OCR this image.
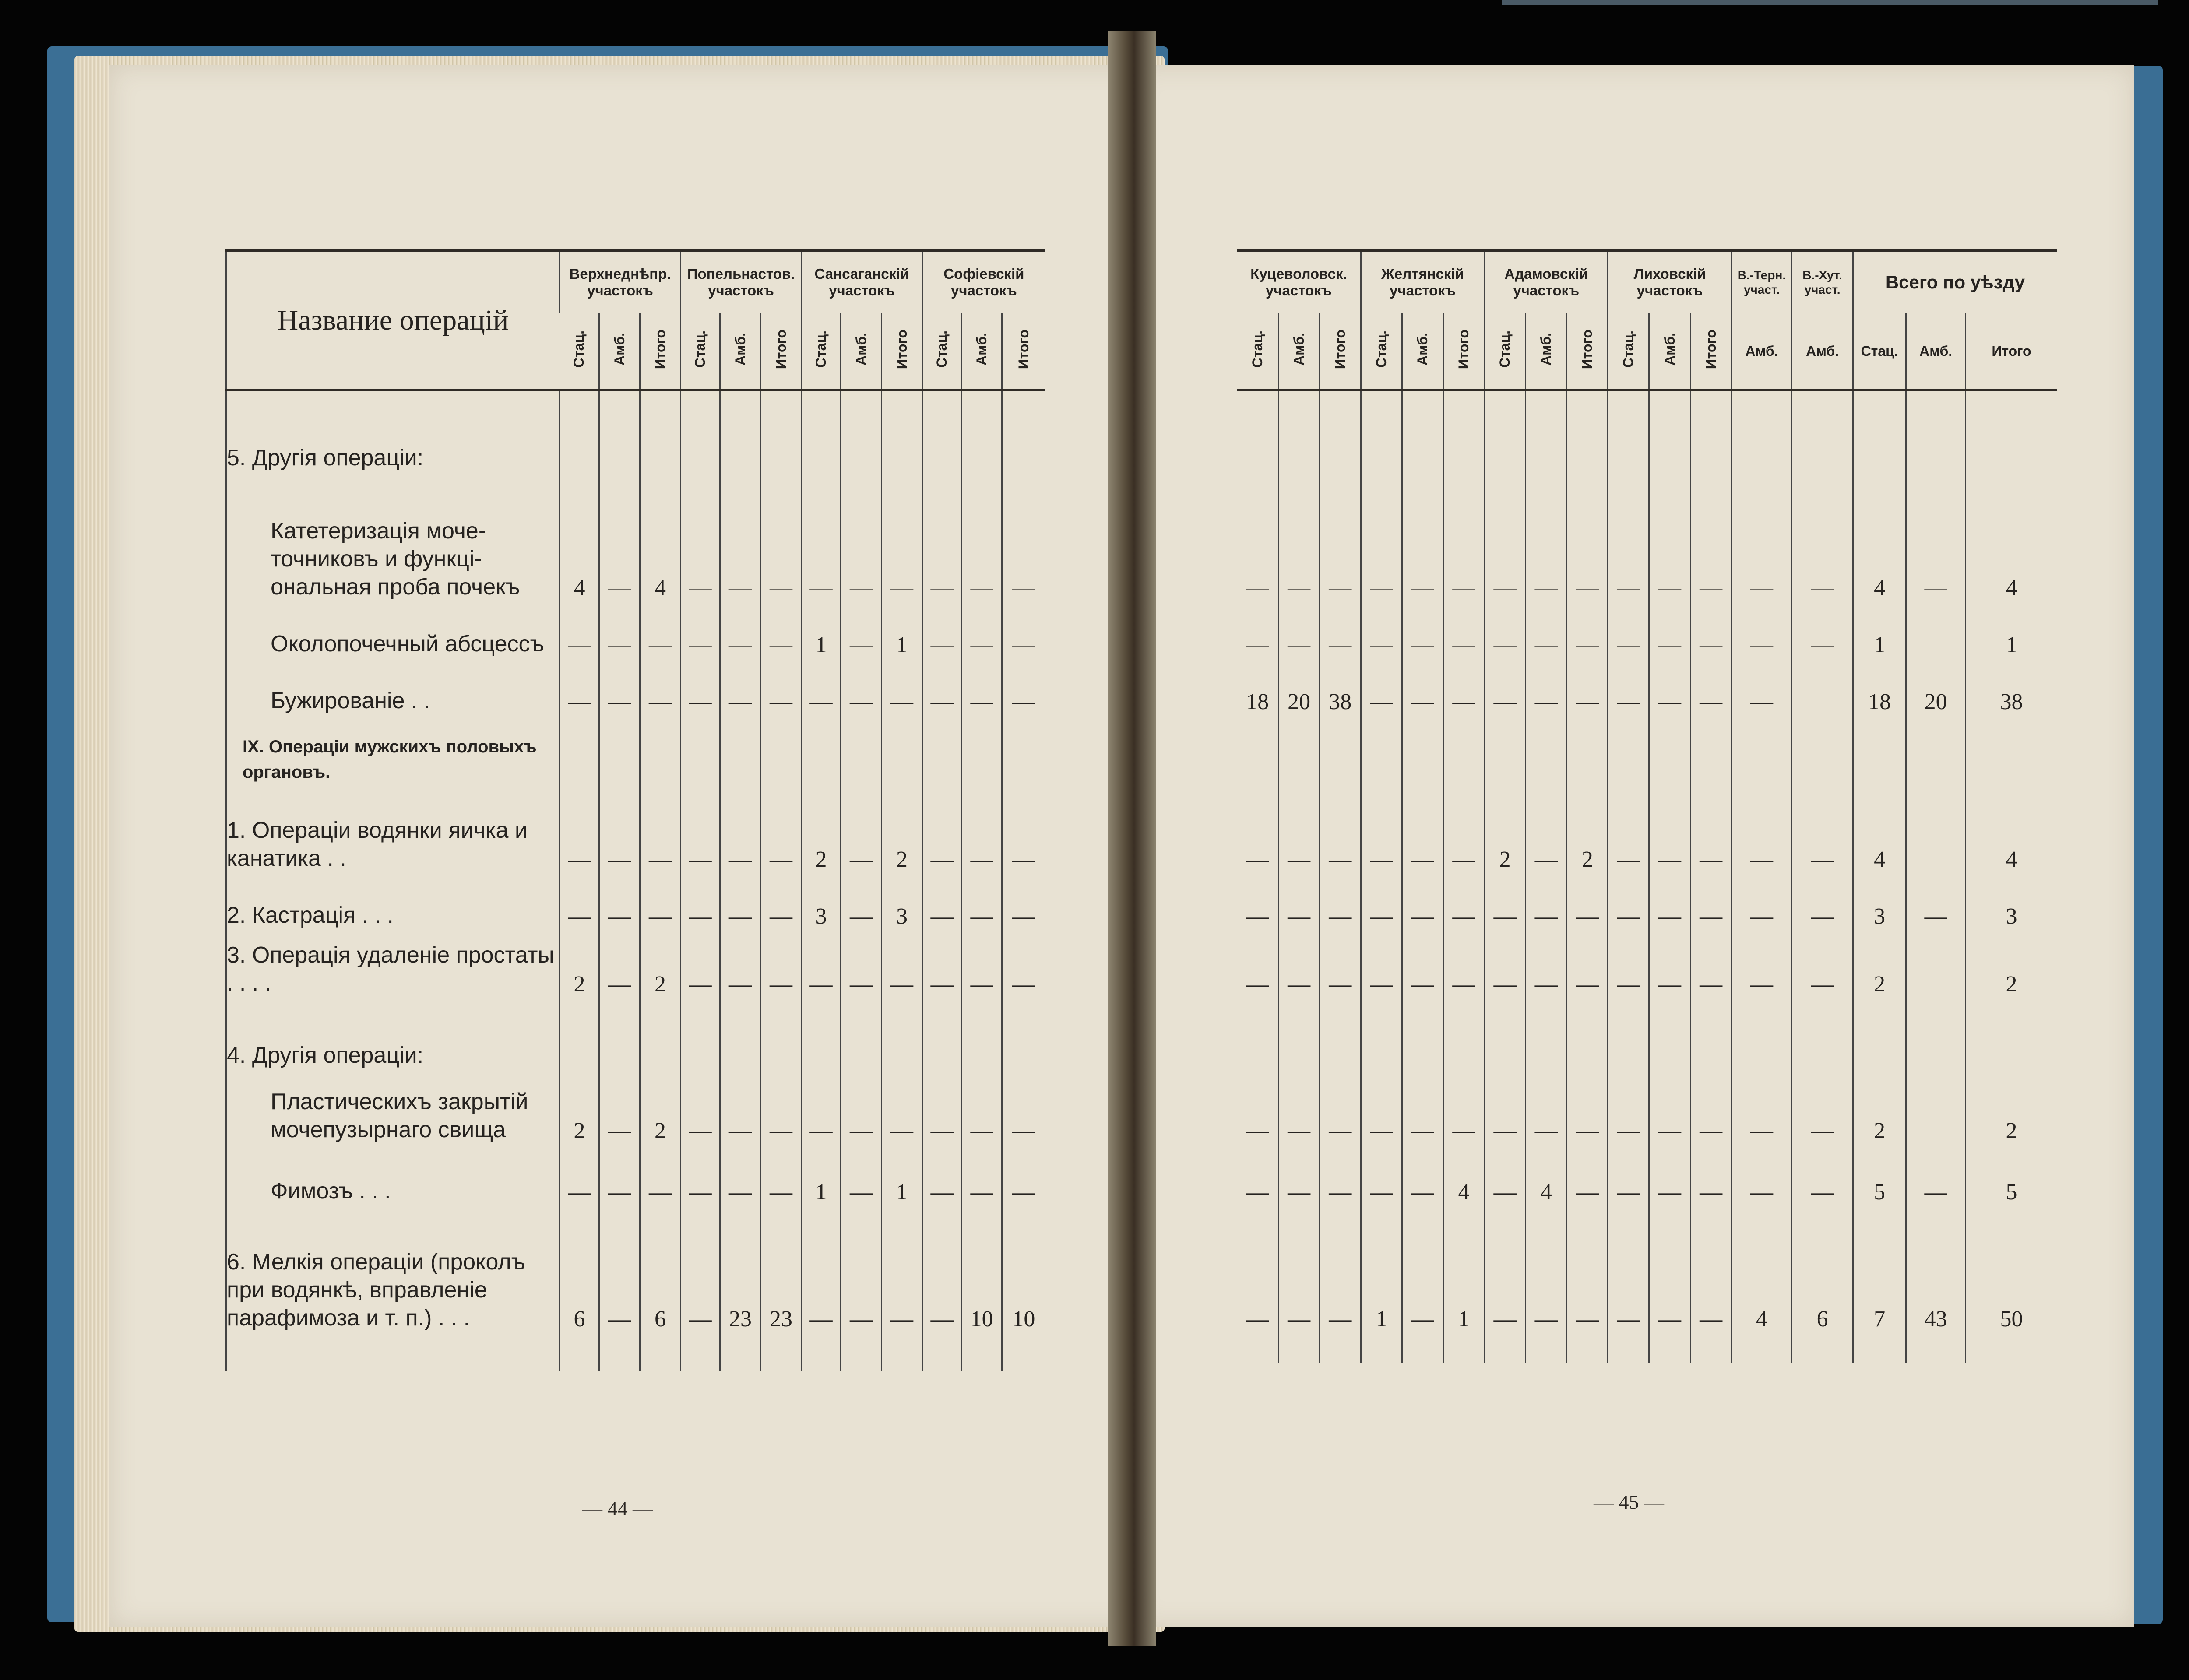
Название операцій	Верхнеднѣпр. участокъ			Попельнастов. участокъ			Сансаганскій участокъ			Софіевскій участокъ		
	Стац.	Амб.	Итого	Стац.	Амб.	Итого	Стац.	Амб.	Итого	Стац.	Амб.	Итого
5. Другія операціи:												
Катетеризація моче-точниковъ и функці-ональная проба почекъ	4	—	4	—	—	—	—	—	—	—	—	—
Околопочечный абсцессъ	—	—	—	—	—	—	1	—	1	—	—	—
Бужированіе . .	—	—	—	—	—	—	—	—	—	—	—	—
IX. Операціи мужскихъ половыхъ органовъ.												
1. Операціи водянки яичка и канатика . .	—	—	—	—	—	—	2	—	2	—	—	—
2. Кастрація . . .	—	—	—	—	—	—	3	—	3	—	—	—
3. Операція удаленіе простаты . . . .	2	—	2	—	—	—	—	—	—	—	—	—
4. Другія операціи:												
Пластическихъ закрытій мочепузырнаго свища	2	—	2	—	—	—	—	—	—	—	—	—
Фимозъ . . .	—	—	—	—	—	—	1	—	1	—	—	—
6. Мелкія операціи (проколъ при водянкѣ, вправленіе парафимоза и т. п.) . . .	6	—	6	—	23	23	—	—	—	—	10	10

Куцеволовск. участокъ			Желтянскій участокъ			Адамовскій участокъ			Лиховскій участокъ			В.-Терн. участ.	В.-Хут. участ.	Всего по уѣзду		
Стац.	Амб.	Итого	Стац.	Амб.	Итого	Стац.	Амб.	Итого	Стац.	Амб.	Итого	Амб.	Амб.	Стац.	Амб.	Итого

—	—	—	—	—	—	—	—	—	—	—	—	—	—	4	—	4
—	—	—	—	—	—	—	—	—	—	—	—	—	—	1		1
18	20	38	—	—	—	—	—	—	—	—	—	—		18	20	38

—	—	—	—	—	—	2	—	2	—	—	—	—	—	4		4
—	—	—	—	—	—	—	—	—	—	—	—	—	—	3	—	3
—	—	—	—	—	—	—	—	—	—	—	—	—	—	2		2

—	—	—	—	—	—	—	—	—	—	—	—	—	—	2		2
—	—	—	—	—	4	—	4	—	—	—	—	—	—	5	—	5
—	—	—	1	—	1	—	—	—	—	—	—	4	6	7	43	50

— 44 —	— 45 —
